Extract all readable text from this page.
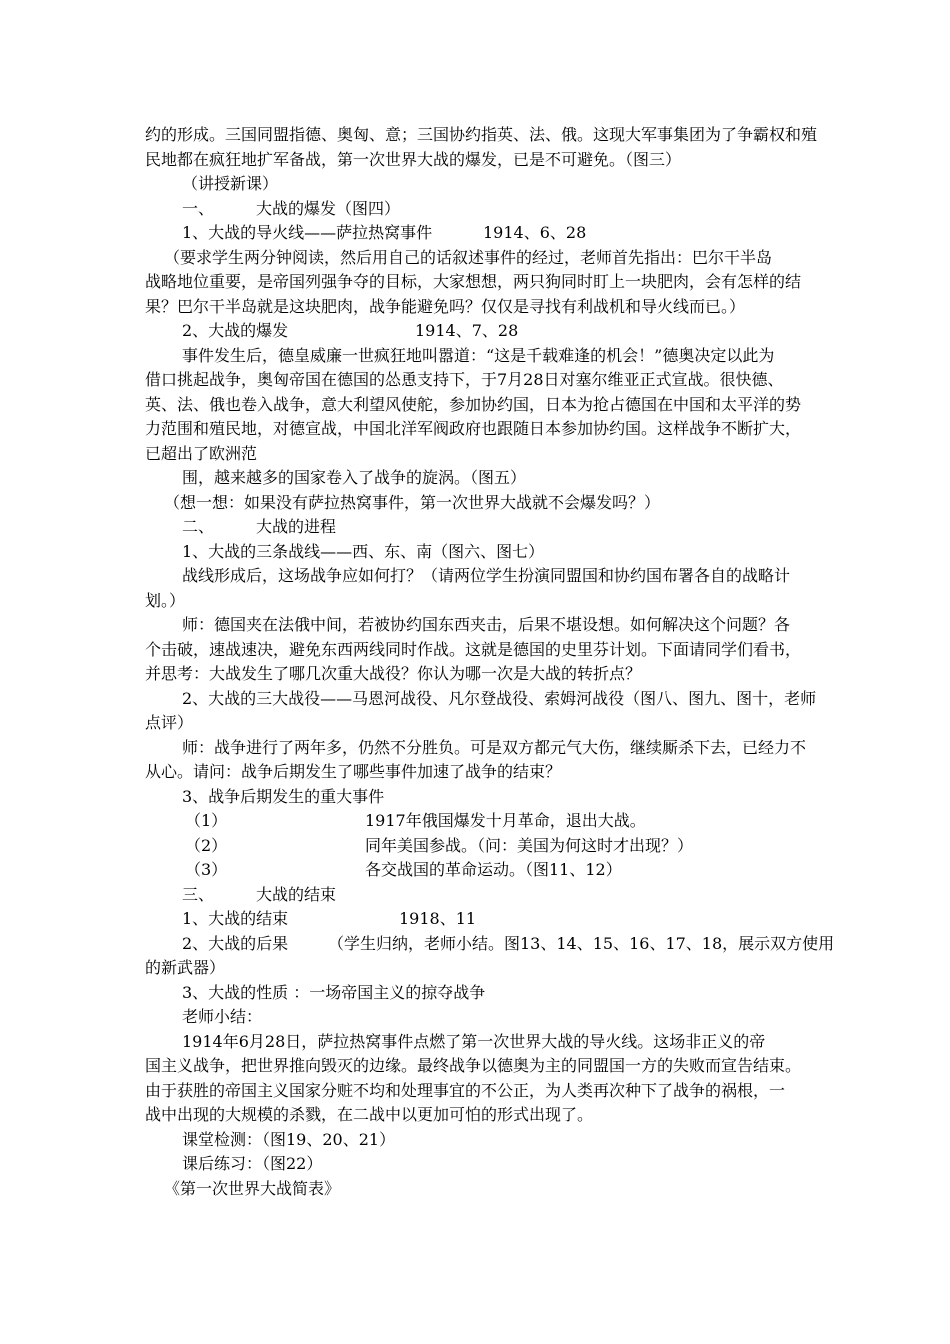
约的形成。三国同盟指德、奥匈、意；三国协约指英、法、俄。这现大军事集团为了争霸权和殖

民地都在疯狂地扩军备战，第一次世界大战的爆发，已是不可避免。（图三）

（讲授新课）

一、	大战的爆发（图四）

1、大战的导火线——萨拉热窝事件	1914、6、28

（要求学生两分钟阅读，然后用自己的话叙述事件的经过，老师首先指出：巴尔干半岛

战略地位重要，是帝国列强争夺的目标，大家想想，两只狗同时盯上一块肥肉，会有怎样的结

果？巴尔干半岛就是这块肥肉，战争能避免吗？仅仅是寻找有利战机和导火线而已。）

2、大战的爆发	1914、7、28

事件发生后，德皇威廉一世疯狂地叫嚣道：“这是千载难逢的机会！”德奥决定以此为

借口挑起战争，奥匈帝国在德国的怂恿支持下，于7月28日对塞尔维亚正式宣战。很快德、

英、法、俄也卷入战争，意大利望风使舵，参加协约国，日本为抢占德国在中国和太平洋的势

力范围和殖民地，对德宣战，中国北洋军阀政府也跟随日本参加协约国。这样战争不断扩大，

已超出了欧洲范

围，越来越多的国家卷入了战争的旋涡。（图五）

（想一想：如果没有萨拉热窝事件，第一次世界大战就不会爆发吗？）

二、	大战的进程

1、大战的三条战线——西、东、南（图六、图七）

战线形成后，这场战争应如何打？（请两位学生扮演同盟国和协约国布署各自的战略计

划。）

师：德国夹在法俄中间，若被协约国东西夹击，后果不堪设想。如何解决这个问题？各

个击破，速战速决，避免东西两线同时作战。这就是德国的史里芬计划。下面请同学们看书，

并思考：大战发生了哪几次重大战役？你认为哪一次是大战的转折点？

2、大战的三大战役——马恩河战役、凡尔登战役、索姆河战役（图八、图九、图十，老师

点评）

师：战争进行了两年多，仍然不分胜负。可是双方都元气大伤，继续厮杀下去，已经力不

从心。请问：战争后期发生了哪些事件加速了战争的结束？

3、战争后期发生的重大事件

（1）	1917年俄国爆发十月革命，退出大战。
（2）	同年美国参战。（问：美国为何这时才出现？）
（3）	各交战国的革命运动。（图11、12）

三、	大战的结束

1、大战的结束	1918、11

2、大战的后果 （学生归纳，老师小结。图13、14、15、16、17、18，展示双方使用

的新武器）

3、大战的性质 ：一场帝国主义的掠夺战争

老师小结：

1914年6月28日，萨拉热窝事件点燃了第一次世界大战的导火线。这场非正义的帝

国主义战争，把世界推向毁灭的边缘。最终战争以德奥为主的同盟国一方的失败而宣告结束。

由于获胜的帝国主义国家分赃不均和处理事宜的不公正，为人类再次种下了战争的祸根，一

战中出现的大规模的杀戮，在二战中以更加可怕的形式出现了。

课堂检测：（图19、20、21）

课后练习：（图22）

《第一次世界大战简表》
